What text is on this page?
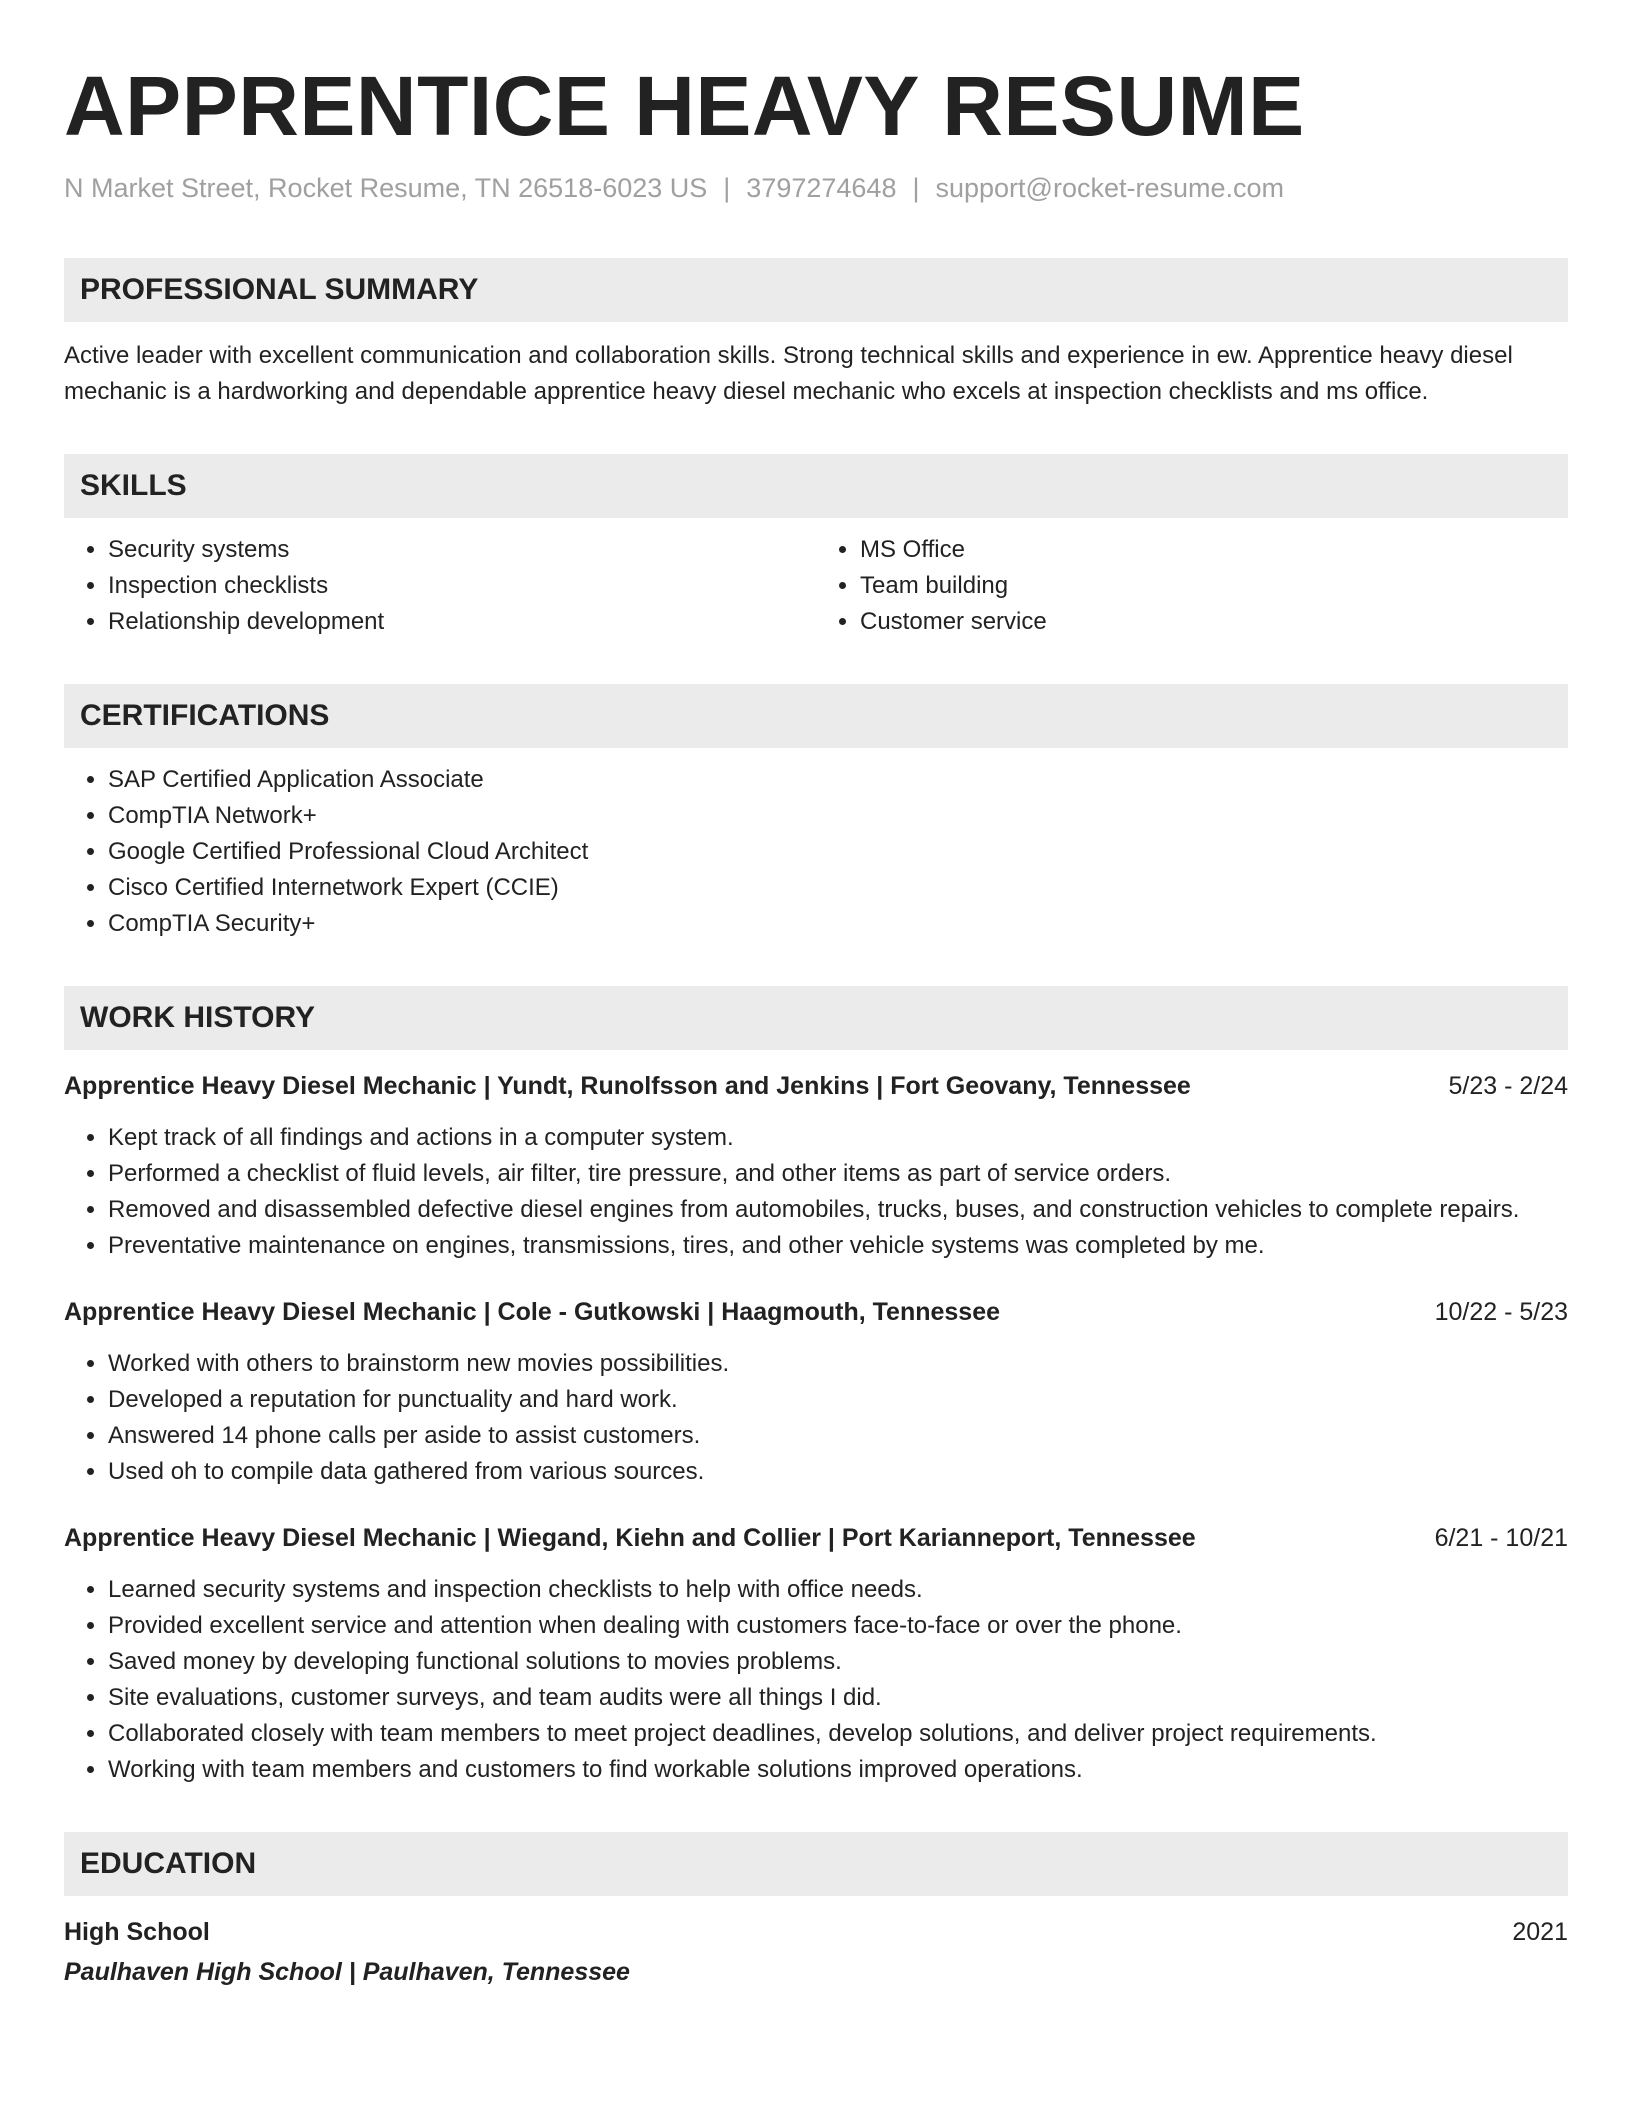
APPRENTICE HEAVY RESUME
N Market Street, Rocket Resume, TN 26518-6023 US | 3797274648 | support@rocket-resume.com
PROFESSIONAL SUMMARY
Active leader with excellent communication and collaboration skills. Strong technical skills and experience in ew. Apprentice heavy diesel mechanic is a hardworking and dependable apprentice heavy diesel mechanic who excels at inspection checklists and ms office.
SKILLS
• Security systems
• Inspection checklists
• Relationship development
• MS Office
• Team building
• Customer service
CERTIFICATIONS
• SAP Certified Application Associate
• CompTIA Network+
• Google Certified Professional Cloud Architect
• Cisco Certified Internetwork Expert (CCIE)
• CompTIA Security+
WORK HISTORY
Apprentice Heavy Diesel Mechanic | Yundt, Runolfsson and Jenkins | Fort Geovany, Tennessee	5/23 - 2/24
• Kept track of all findings and actions in a computer system.
• Performed a checklist of fluid levels, air filter, tire pressure, and other items as part of service orders.
• Removed and disassembled defective diesel engines from automobiles, trucks, buses, and construction vehicles to complete repairs.
• Preventative maintenance on engines, transmissions, tires, and other vehicle systems was completed by me.
Apprentice Heavy Diesel Mechanic | Cole - Gutkowski | Haagmouth, Tennessee	10/22 - 5/23
• Worked with others to brainstorm new movies possibilities.
• Developed a reputation for punctuality and hard work.
• Answered 14 phone calls per aside to assist customers.
• Used oh to compile data gathered from various sources.
Apprentice Heavy Diesel Mechanic | Wiegand, Kiehn and Collier | Port Karianneport, Tennessee	6/21 - 10/21
• Learned security systems and inspection checklists to help with office needs.
• Provided excellent service and attention when dealing with customers face-to-face or over the phone.
• Saved money by developing functional solutions to movies problems.
• Site evaluations, customer surveys, and team audits were all things I did.
• Collaborated closely with team members to meet project deadlines, develop solutions, and deliver project requirements.
• Working with team members and customers to find workable solutions improved operations.
EDUCATION
High School	2021
Paulhaven High School | Paulhaven, Tennessee
